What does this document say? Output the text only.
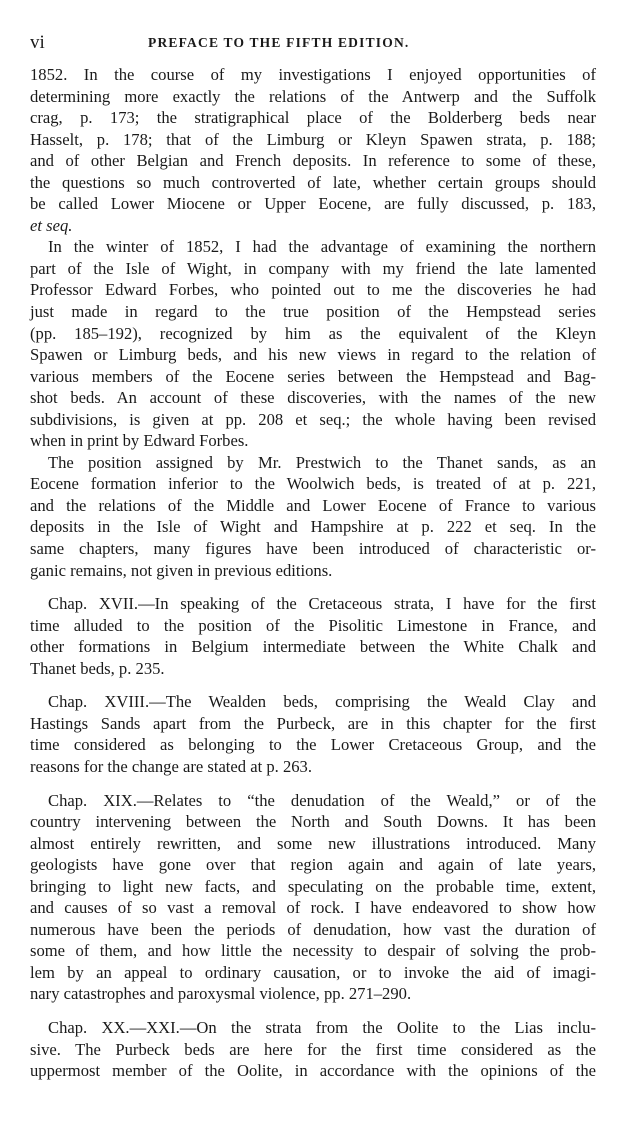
vi	PREFACE TO THE FIFTH EDITION.
1852. In the course of my investigations I enjoyed opportunities of
determining more exactly the relations of the Antwerp and the Suffolk
crag, p. 173; the stratigraphical place of the Bolderberg beds near
Hasselt, p. 178; that of the Limburg or Kleyn Spawen strata, p. 188;
and of other Belgian and French deposits. In reference to some of these,
the questions so much controverted of late, whether certain groups should
be called Lower Miocene or Upper Eocene, are fully discussed, p. 183,
et seq.
In the winter of 1852, I had the advantage of examining the northern
part of the Isle of Wight, in company with my friend the late lamented
Professor Edward Forbes, who pointed out to me the discoveries he had
just made in regard to the true position of the Hempstead series
(pp. 185–192), recognized by him as the equivalent of the Kleyn
Spawen or Limburg beds, and his new views in regard to the relation of
various members of the Eocene series between the Hempstead and Bag-
shot beds. An account of these discoveries, with the names of the new
subdivisions, is given at pp. 208 et seq.; the whole having been revised
when in print by Edward Forbes.
The position assigned by Mr. Prestwich to the Thanet sands, as an
Eocene formation inferior to the Woolwich beds, is treated of at p. 221,
and the relations of the Middle and Lower Eocene of France to various
deposits in the Isle of Wight and Hampshire at p. 222 et seq. In the
same chapters, many figures have been introduced of characteristic or-
ganic remains, not given in previous editions.
Chap. XVII.—In speaking of the Cretaceous strata, I have for the first
time alluded to the position of the Pisolitic Limestone in France, and
other formations in Belgium intermediate between the White Chalk and
Thanet beds, p. 235.
Chap. XVIII.—The Wealden beds, comprising the Weald Clay and
Hastings Sands apart from the Purbeck, are in this chapter for the first
time considered as belonging to the Lower Cretaceous Group, and the
reasons for the change are stated at p. 263.
Chap. XIX.—Relates to “the denudation of the Weald,” or of the
country intervening between the North and South Downs. It has been
almost entirely rewritten, and some new illustrations introduced. Many
geologists have gone over that region again and again of late years,
bringing to light new facts, and speculating on the probable time, extent,
and causes of so vast a removal of rock. I have endeavored to show how
numerous have been the periods of denudation, how vast the duration of
some of them, and how little the necessity to despair of solving the prob-
lem by an appeal to ordinary causation, or to invoke the aid of imagi-
nary catastrophes and paroxysmal violence, pp. 271–290.
Chap. XX.—XXI.—On the strata from the Oolite to the Lias inclu-
sive. The Purbeck beds are here for the first time considered as the
uppermost member of the Oolite, in accordance with the opinions of the
